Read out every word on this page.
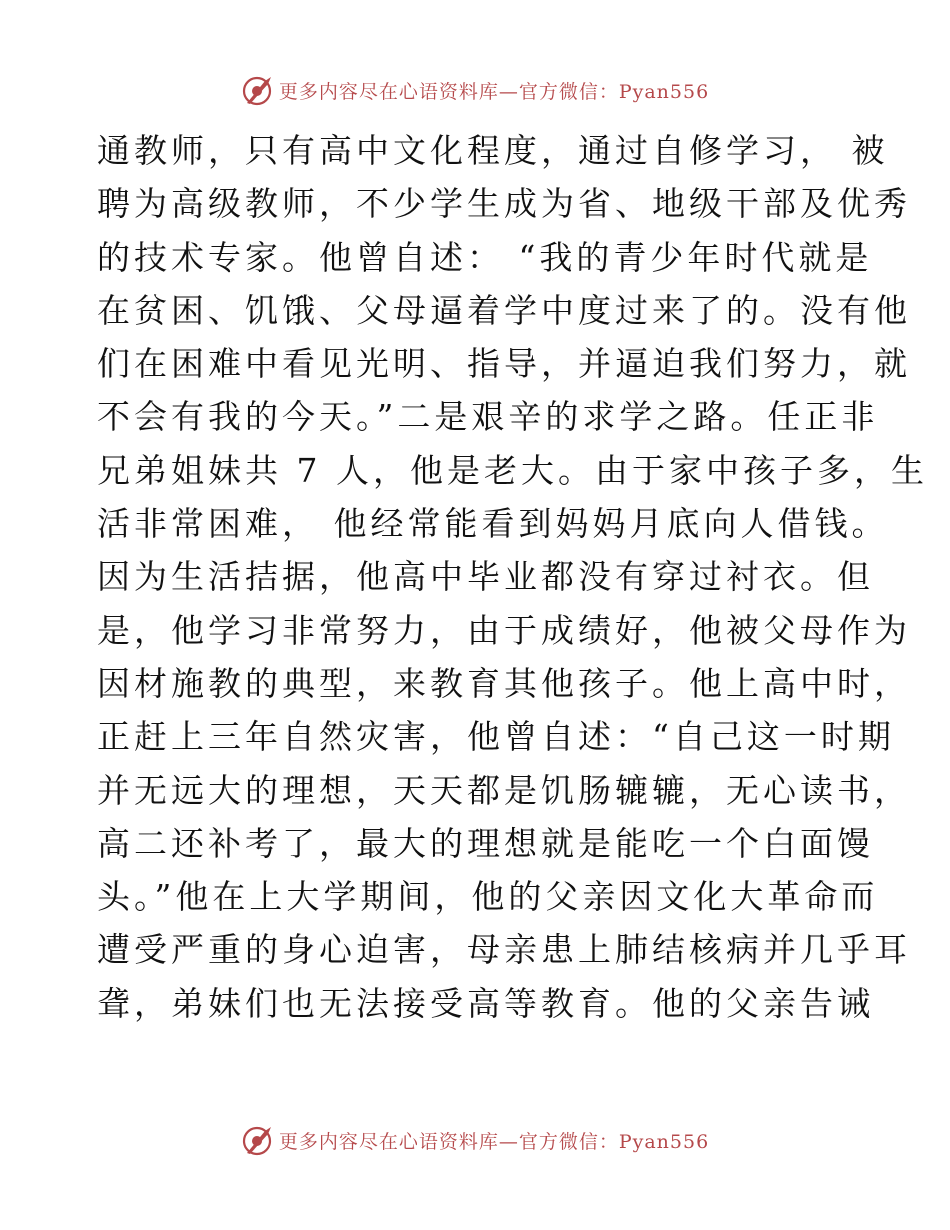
更多内容尽在心语资料库—官方微信：Pyan556
通教师，只有高中文化程度，通过自修学习， 被
聘为高级教师，不少学生成为省、地级干部及优秀
的技术专家。他曾自述： “我的青少年时代就是
在贫困、饥饿、父母逼着学中度过来了的。没有他
们在困难中看见光明、指导，并逼迫我们努力，就
不会有我的今天。”二是艰辛的求学之路。任正非
兄弟姐妹共 7 人，他是老大。由于家中孩子多，生
活非常困难， 他经常能看到妈妈月底向人借钱。
因为生活拮据，他高中毕业都没有穿过衬衣。但
是，他学习非常努力，由于成绩好，他被父母作为
因材施教的典型，来教育其他孩子。他上高中时，
正赶上三年自然灾害，他曾自述：“自己这一时期
并无远大的理想，天天都是饥肠辘辘，无心读书，
高二还补考了，最大的理想就是能吃一个白面馒
头。”他在上大学期间，他的父亲因文化大革命而
遭受严重的身心迫害，母亲患上肺结核病并几乎耳
聋，弟妹们也无法接受高等教育。他的父亲告诫
更多内容尽在心语资料库—官方微信：Pyan556
